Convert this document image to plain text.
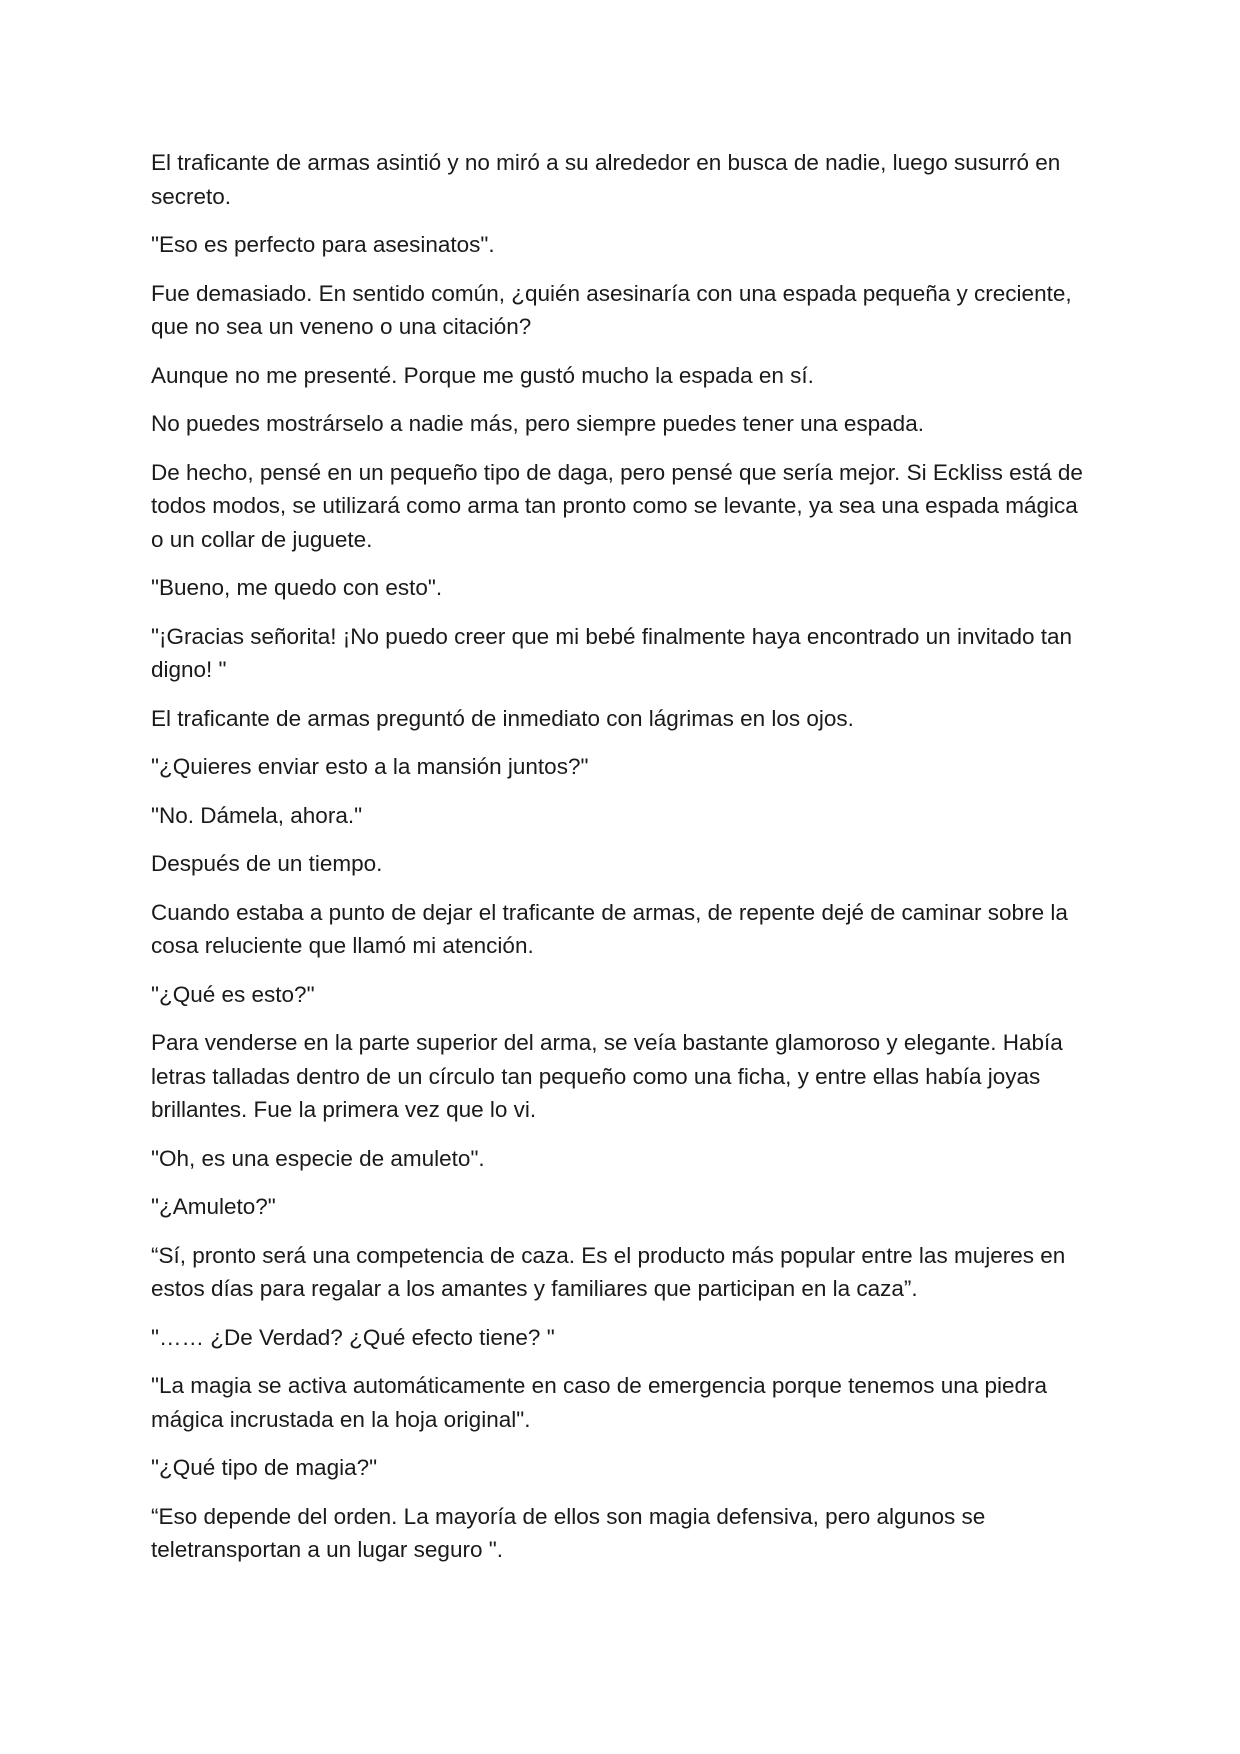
El traficante de armas asintió y no miró a su alrededor en busca de nadie, luego susurró en secreto.

"Eso es perfecto para asesinatos".

Fue demasiado. En sentido común, ¿quién asesinaría con una espada pequeña y creciente, que no sea un veneno o una citación?

Aunque no me presenté. Porque me gustó mucho la espada en sí.

No puedes mostrárselo a nadie más, pero siempre puedes tener una espada.

De hecho, pensé en un pequeño tipo de daga, pero pensé que sería mejor. Si Eckliss está de todos modos, se utilizará como arma tan pronto como se levante, ya sea una espada mágica o un collar de juguete.

"Bueno, me quedo con esto".

"¡Gracias señorita! ¡No puedo creer que mi bebé finalmente haya encontrado un invitado tan digno! "

El traficante de armas preguntó de inmediato con lágrimas en los ojos.

"¿Quieres enviar esto a la mansión juntos?"

"No. Dámela, ahora."

Después de un tiempo.

Cuando estaba a punto de dejar el traficante de armas, de repente dejé de caminar sobre la cosa reluciente que llamó mi atención.

"¿Qué es esto?"

Para venderse en la parte superior del arma, se veía bastante glamoroso y elegante. Había letras talladas dentro de un círculo tan pequeño como una ficha, y entre ellas había joyas brillantes. Fue la primera vez que lo vi.

"Oh, es una especie de amuleto".

"¿Amuleto?"

“Sí, pronto será una competencia de caza. Es el producto más popular entre las mujeres en estos días para regalar a los amantes y familiares que participan en la caza”.

"…… ¿De Verdad? ¿Qué efecto tiene? "

"La magia se activa automáticamente en caso de emergencia porque tenemos una piedra mágica incrustada en la hoja original".

"¿Qué tipo de magia?"

“Eso depende del orden. La mayoría de ellos son magia defensiva, pero algunos se teletransportan a un lugar seguro ".
